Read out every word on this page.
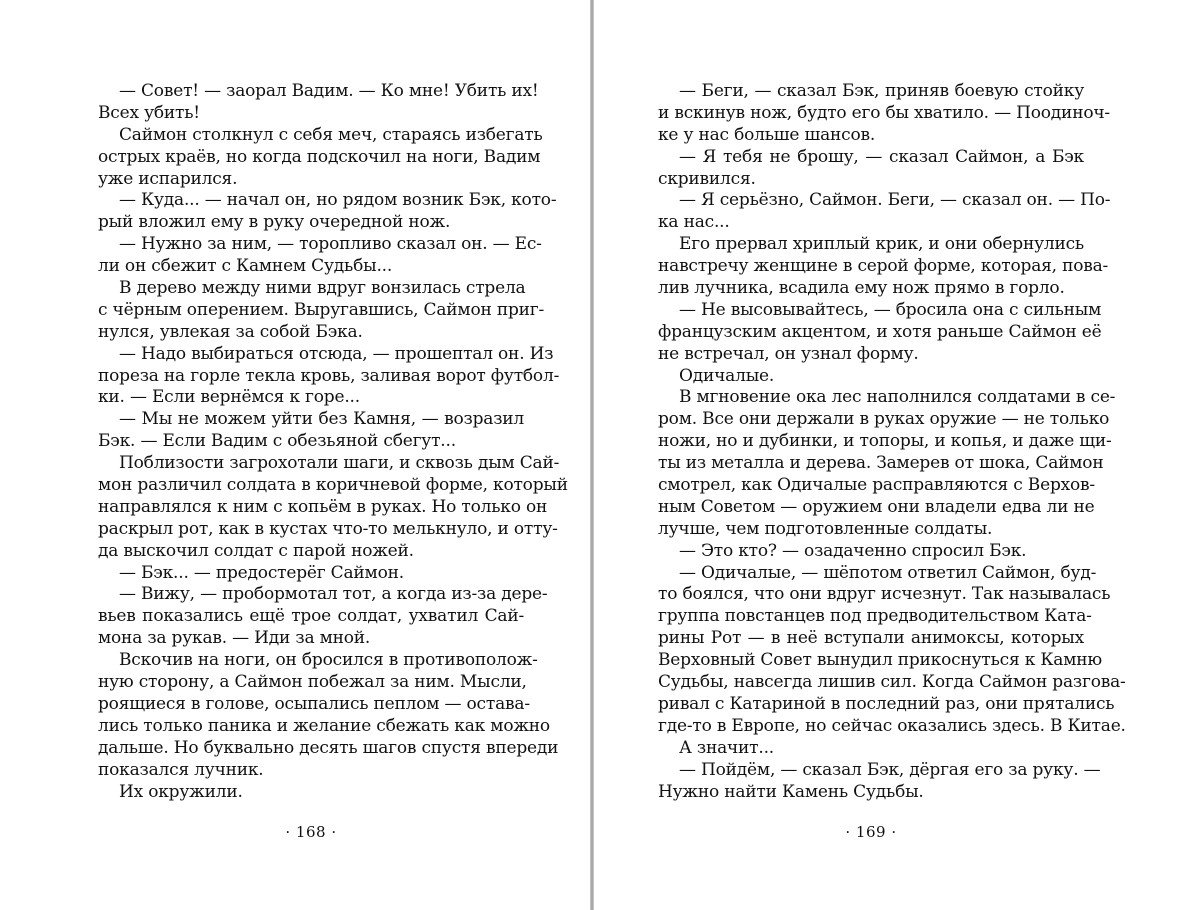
— Совет! — заорал Вадим. — Ко мне! Убить их!
Всех убить!
Саймон столкнул с себя меч, стараясь избегать
острых краёв, но когда подскочил на ноги, Вадим
уже испарился.
— Куда... — начал он, но рядом возник Бэк, кото-
рый вложил ему в руку очередной нож.
— Нужно за ним, — торопливо сказал он. — Ес-
ли он сбежит с Камнем Судьбы...
В дерево между ними вдруг вонзилась стрела
с чёрным оперением. Выругавшись, Саймон приг-
нулся, увлекая за собой Бэка.
— Надо выбираться отсюда, — прошептал он. Из
пореза на горле текла кровь, заливая ворот футбол-
ки. — Если вернёмся к горе...
— Мы не можем уйти без Камня, — возразил
Бэк. — Если Вадим с обезьяной сбегут...
Поблизости загрохотали шаги, и сквозь дым Сай-
мон различил солдата в коричневой форме, который
направлялся к ним с копьём в руках. Но только он
раскрыл рот, как в кустах что-то мелькнуло, и отту-
да выскочил солдат с парой ножей.
— Бэк... — предостерёг Саймон.
— Вижу, — пробормотал тот, а когда из-за дере-
вьев показались ещё трое солдат, ухватил Сай-
мона за рукав. — Иди за мной.
Вскочив на ноги, он бросился в противополож-
ную сторону, а Саймон побежал за ним. Мысли,
роящиеся в голове, осыпались пеплом — остава-
лись только паника и желание сбежать как можно
дальше. Но буквально десять шагов спустя впереди
показался лучник.
Их окружили.
· 168 ·
— Беги, — сказал Бэк, приняв боевую стойку
и вскинув нож, будто его бы хватило. — Поодиноч-
ке у нас больше шансов.
— Я тебя не брошу, — сказал Саймон, а Бэк
скривился.
— Я серьёзно, Саймон. Беги, — сказал он. — По-
ка нас...
Его прервал хриплый крик, и они обернулись
навстречу женщине в серой форме, которая, пова-
лив лучника, всадила ему нож прямо в горло.
— Не высовывайтесь, — бросила она с сильным
французским акцентом, и хотя раньше Саймон её
не встречал, он узнал форму.
Одичалые.
В мгновение ока лес наполнился солдатами в се-
ром. Все они держали в руках оружие — не только
ножи, но и дубинки, и топоры, и копья, и даже щи-
ты из металла и дерева. Замерев от шока, Саймон
смотрел, как Одичалые расправляются с Верхов-
ным Советом — оружием они владели едва ли не
лучше, чем подготовленные солдаты.
— Это кто? — озадаченно спросил Бэк.
— Одичалые, — шёпотом ответил Саймон, буд-
то боялся, что они вдруг исчезнут. Так называлась
группа повстанцев под предводительством Ката-
рины Рот — в неё вступали анимоксы, которых
Верховный Совет вынудил прикоснуться к Камню
Судьбы, навсегда лишив сил. Когда Саймон разгова-
ривал с Катариной в последний раз, они прятались
где-то в Европе, но сейчас оказались здесь. В Китае.
А значит...
— Пойдём, — сказал Бэк, дёргая его за руку. —
Нужно найти Камень Судьбы.
· 169 ·
